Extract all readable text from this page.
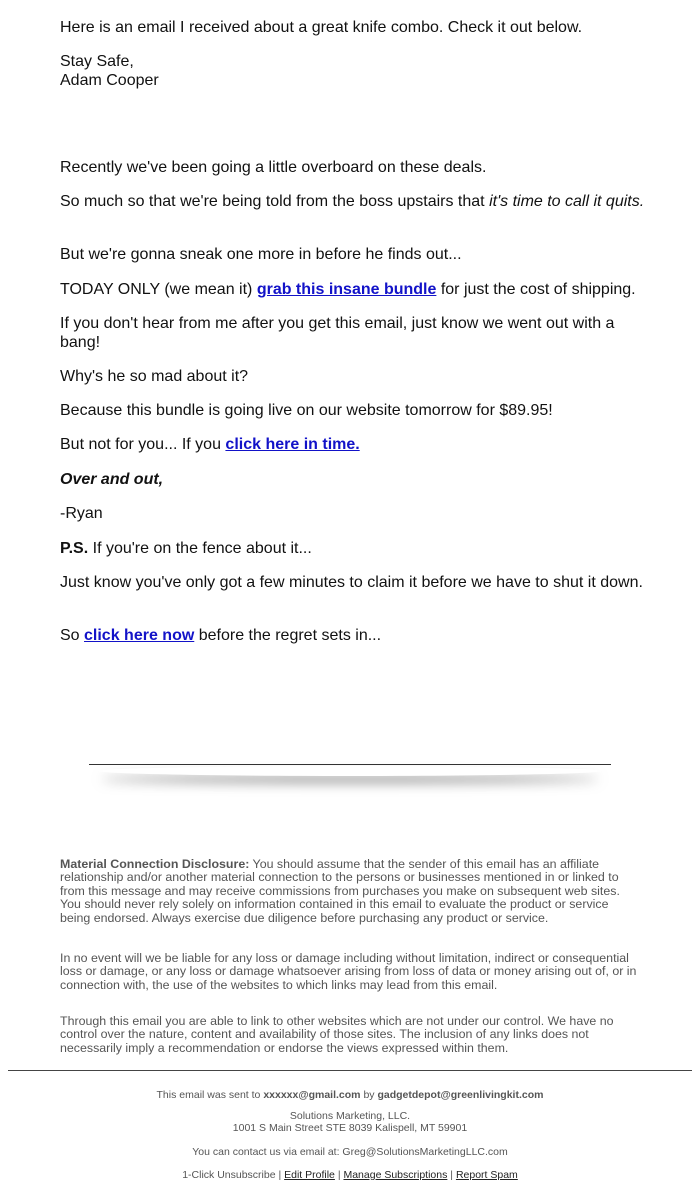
Here is an email I received about a great knife combo. Check it out below.

Stay Safe,

Adam Cooper

Recently we've been going a little overboard on these deals.

So much so that we're being told from the boss upstairs that it's time to call it quits.

But we're gonna sneak one more in before he finds out...

TODAY ONLY (we mean it) grab this insane bundle for just the cost of shipping.

If you don't hear from me after you get this email, just know we went out with a bang!

Why's he so mad about it?

Because this bundle is going live on our website tomorrow for $89.95!

But not for you... If you click here in time.

Over and out,

-Ryan

P.S. If you're on the fence about it...

Just know you've only got a few minutes to claim it before we have to shut it down.

So click here now before the regret sets in...

Material Connection Disclosure: You should assume that the sender of this email has an affiliate relationship and/or another material connection to the persons or businesses mentioned in or linked to from this message and may receive commissions from purchases you make on subsequent web sites. You should never rely solely on information contained in this email to evaluate the product or service being endorsed. Always exercise due diligence before purchasing any product or service.

In no event will we be liable for any loss or damage including without limitation, indirect or consequential loss or damage, or any loss or damage whatsoever arising from loss of data or money arising out of, or in connection with, the use of the websites to which links may lead from this email.

Through this email you are able to link to other websites which are not under our control. We have no control over the nature, content and availability of those sites. The inclusion of any links does not necessarily imply a recommendation or endorse the views expressed within them.

This email was sent to xxxxxx@gmail.com by gadgetdepot@greenlivingkit.com

Solutions Marketing, LLC.

1001 S Main Street STE 8039 Kalispell, MT 59901

You can contact us via email at: Greg@SolutionsMarketingLLC.com

1-Click Unsubscribe | Edit Profile | Manage Subscriptions | Report Spam
